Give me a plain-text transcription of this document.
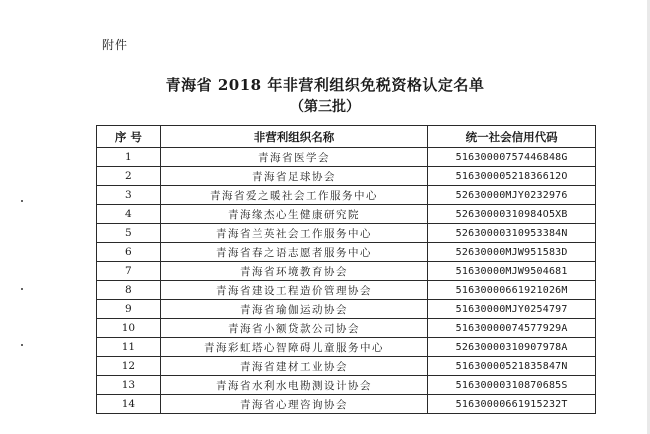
附件
青海省 2018 年非营利组织免税资格认定名单
（第三批）
序 号	非营利组织名称	统一社会信用代码
1	青海省医学会	51630000757446848G
2	青海省足球协会	51630000521836612O
3	青海省爱之暖社会工作服务中心	52630000MJY0232976
4	青海缘杰心生健康研究院	52630000310984O5XB
5	青海省兰英社会工作服务中心	52630000310953384N
6	青海省春之语志愿者服务中心	52630000MJW951583D
7	青海省环境教育协会	51630000MJW9504681
8	青海省建设工程造价管理协会	51630000661921026M
9	青海省瑜伽运动协会	51630000MJY0254797
10	青海省小额贷款公司协会	51630000074577929A
11	青海彩虹塔心智障碍儿童服务中心	52630000310907978A
12	青海省建材工业协会	51630000521835847N
13	青海省水利水电勘测设计协会	51630000310870685S
14	青海省心理咨询协会	51630000661915232T
